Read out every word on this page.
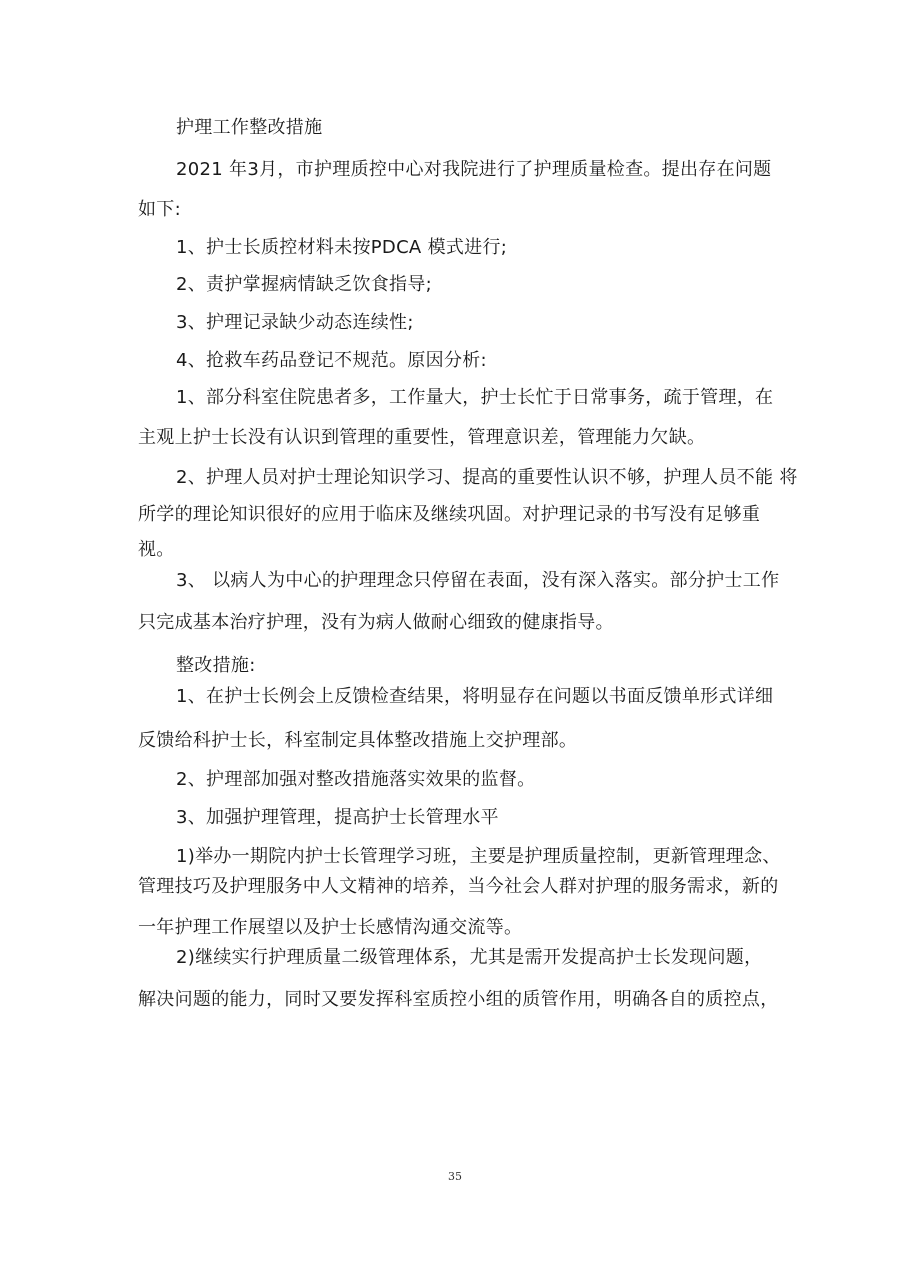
护理工作整改措施

2021 年3月，市护理质控中心对我院进行了护理质量检查。提出存在问题

如下:

1、护士长质控材料未按PDCA 模式进行;

2、责护掌握病情缺乏饮食指导;

3、护理记录缺少动态连续性;

4、抢救车药品登记不规范。原因分析:

1、部分科室住院患者多，工作量大，护士长忙于日常事务，疏于管理，在

主观上护士长没有认识到管理的重要性，管理意识差，管理能力欠缺。

2、护理人员对护士理论知识学习、提高的重要性认识不够，护理人员不能 将

所学的理论知识很好的应用于临床及继续巩固。对护理记录的书写没有足够重

视。

3、 以病人为中心的护理理念只停留在表面，没有深入落实。部分护士工作

只完成基本治疗护理，没有为病人做耐心细致的健康指导。

整改措施:

1、在护士长例会上反馈检查结果，将明显存在问题以书面反馈单形式详细

反馈给科护士长，科室制定具体整改措施上交护理部。

2、护理部加强对整改措施落实效果的监督。

3、加强护理管理，提高护士长管理水平

1)举办一期院内护士长管理学习班，主要是护理质量控制，更新管理理念、

管理技巧及护理服务中人文精神的培养，当今社会人群对护理的服务需求，新的

一年护理工作展望以及护士长感情沟通交流等。

2)继续实行护理质量二级管理体系，尤其是需开发提高护士长发现问题，

解决问题的能力，同时又要发挥科室质控小组的质管作用，明确各自的质控点，

35
